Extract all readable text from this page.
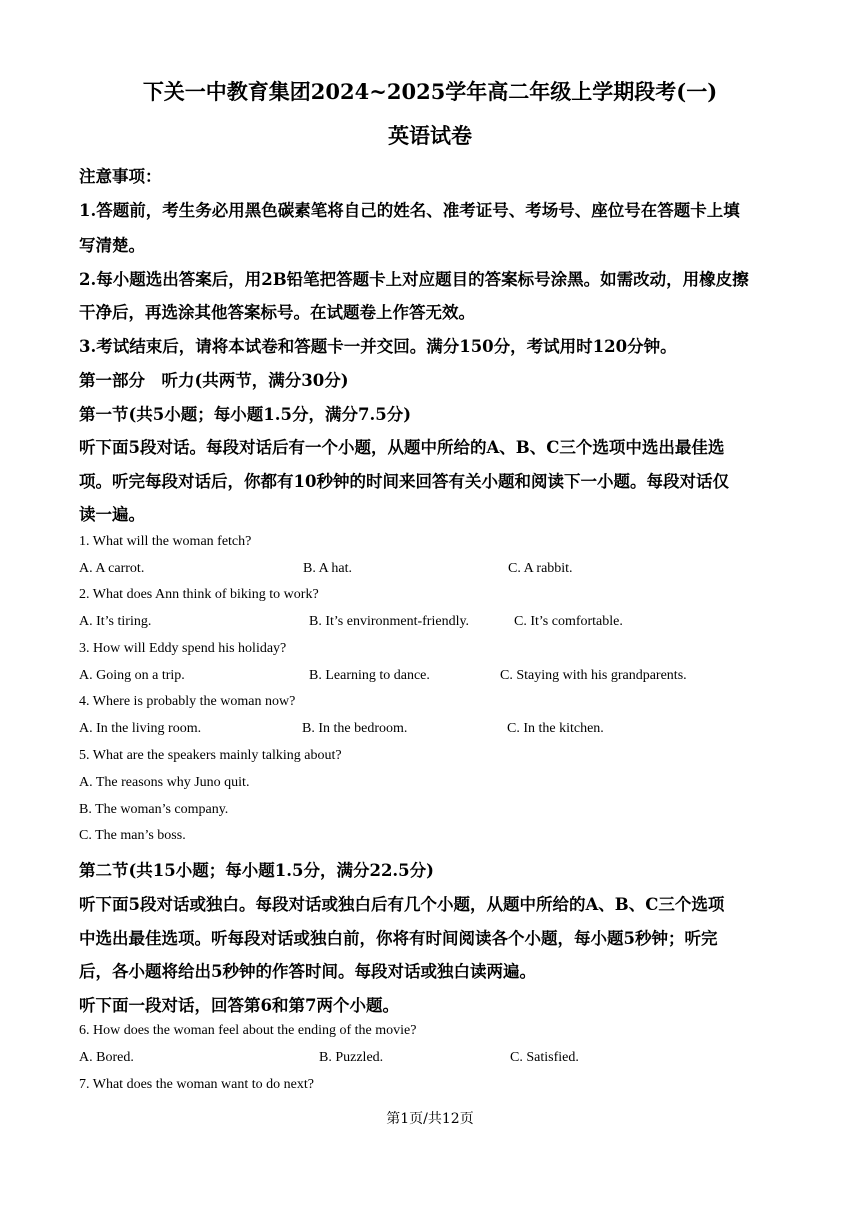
下关一中教育集团2024~2025学年高二年级上学期段考(一)
英语试卷
注意事项：
1.答题前，考生务必用黑色碳素笔将自己的姓名、准考证号、考场号、座位号在答题卡上填
写清楚。
2.每小题选出答案后，用2B铅笔把答题卡上对应题目的答案标号涂黑。如需改动，用橡皮擦
干净后，再选涂其他答案标号。在试题卷上作答无效。
3.考试结束后，请将本试卷和答题卡一并交回。满分150分，考试用时120分钟。
第一部分　听力(共两节，满分30分)
第一节(共5小题；每小题1.5分，满分7.5分)
听下面5段对话。每段对话后有一个小题，从题中所给的A、B、C三个选项中选出最佳选
项。听完每段对话后，你都有10秒钟的时间来回答有关小题和阅读下一小题。每段对话仅
读一遍。
1. What will the woman fetch?
A. A carrot.	B. A hat.	C. A rabbit.
2. What does Ann think of biking to work?
A. It’s tiring.	B. It’s environment-friendly.	C. It’s comfortable.
3. How will Eddy spend his holiday?
A. Going on a trip.	B. Learning to dance.	C. Staying with his grandparents.
4. Where is probably the woman now?
A. In the living room.	B. In the bedroom.	C. In the kitchen.
5. What are the speakers mainly talking about?
A. The reasons why Juno quit.
B. The woman’s company.
C. The man’s boss.
第二节(共15小题；每小题1.5分，满分22.5分)
听下面5段对话或独白。每段对话或独白后有几个小题，从题中所给的A、B、C三个选项
中选出最佳选项。听每段对话或独白前，你将有时间阅读各个小题，每小题5秒钟；听完
后，各小题将给出5秒钟的作答时间。每段对话或独白读两遍。
听下面一段对话，回答第6和第7两个小题。
6. How does the woman feel about the ending of the movie?
A. Bored.	B. Puzzled.	C. Satisfied.
7. What does the woman want to do next?
第1页/共12页
